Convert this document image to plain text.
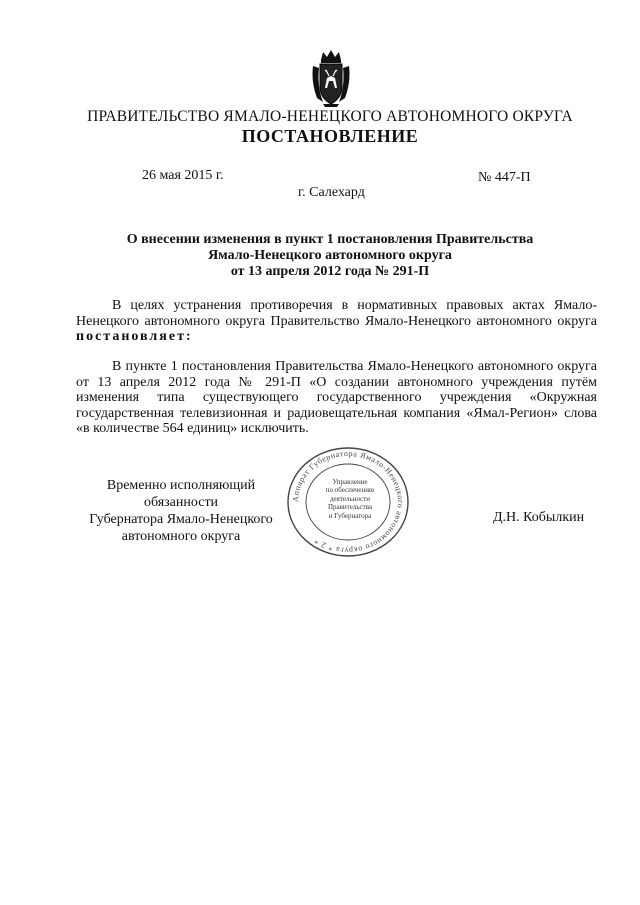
ПРАВИТЕЛЬСТВО ЯМАЛО-НЕНЕЦКОГО АВТОНОМНОГО ОКРУГА
ПОСТАНОВЛЕНИЕ
26 мая 2015 г.	№ 447-П
г. Салехард
О внесении изменения в пункт 1 постановления Правительства
Ямало-Ненецкого автономного округа
от 13 апреля 2012 года № 291-П

В целях устранения противоречия в нормативных правовых актах Ямало-Ненецкого автономного округа Правительство Ямало-Ненецкого автономного округа постановляет:

В пункте 1 постановления Правительства Ямало-Ненецкого автономного округа от 13 апреля 2012 года № 291-П «О создании автономного учреждения путём изменения типа существующего государственного учреждения «Окружная государственная телевизионная и радиовещательная компания «Ямал-Регион» слова «в количестве 564 единиц» исключить.

Временно исполняющий обязанности
Губернатора Ямало-Ненецкого
автономного округа
Д.Н. Кобылкин
Аппарат Губернатора Ямало-Ненецкого автономного округа * 2 *
Управление
по обеспечению
деятельности
Правительства
и Губернатора
